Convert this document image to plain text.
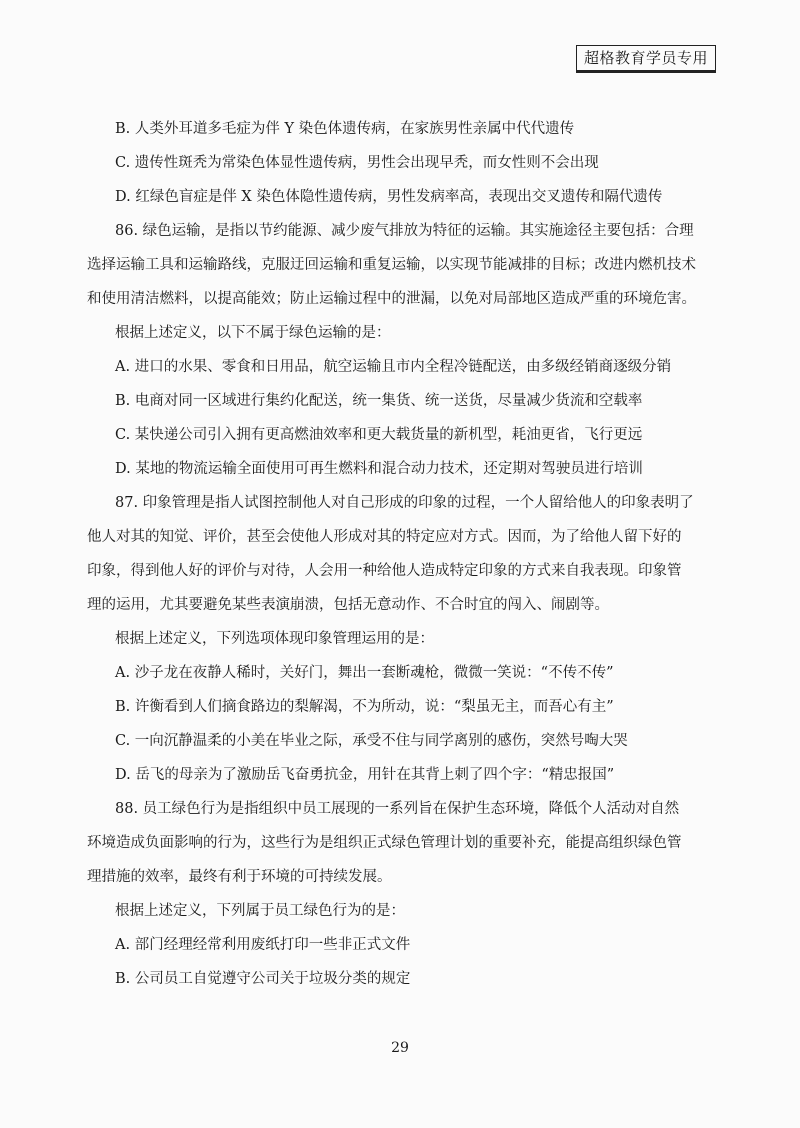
超格教育学员专用
B. 人类外耳道多毛症为伴 Y 染色体遗传病，在家族男性亲属中代代遗传
C. 遗传性斑秃为常染色体显性遗传病，男性会出现早秃，而女性则不会出现
D. 红绿色盲症是伴 X 染色体隐性遗传病，男性发病率高，表现出交叉遗传和隔代遗传
86. 绿色运输，是指以节约能源、减少废气排放为特征的运输。其实施途径主要包括：合理
选择运输工具和运输路线，克服迂回运输和重复运输，以实现节能减排的目标；改进内燃机技术
和使用清洁燃料，以提高能效；防止运输过程中的泄漏，以免对局部地区造成严重的环境危害。
根据上述定义，以下不属于绿色运输的是：
A. 进口的水果、零食和日用品，航空运输且市内全程冷链配送，由多级经销商逐级分销
B. 电商对同一区域进行集约化配送，统一集货、统一送货，尽量减少货流和空载率
C. 某快递公司引入拥有更高燃油效率和更大载货量的新机型，耗油更省，飞行更远
D. 某地的物流运输全面使用可再生燃料和混合动力技术，还定期对驾驶员进行培训
87. 印象管理是指人试图控制他人对自己形成的印象的过程，一个人留给他人的印象表明了
他人对其的知觉、评价，甚至会使他人形成对其的特定应对方式。因而，为了给他人留下好的
印象，得到他人好的评价与对待，人会用一种给他人造成特定印象的方式来自我表现。印象管
理的运用，尤其要避免某些表演崩溃，包括无意动作、不合时宜的闯入、闹剧等。
根据上述定义，下列选项体现印象管理运用的是：
A. 沙子龙在夜静人稀时，关好门，舞出一套断魂枪，微微一笑说：“不传不传”
B. 许衡看到人们摘食路边的梨解渴，不为所动，说：“梨虽无主，而吾心有主”
C. 一向沉静温柔的小美在毕业之际，承受不住与同学离别的感伤，突然号啕大哭
D. 岳飞的母亲为了激励岳飞奋勇抗金，用针在其背上刺了四个字：“精忠报国”
88. 员工绿色行为是指组织中员工展现的一系列旨在保护生态环境，降低个人活动对自然
环境造成负面影响的行为，这些行为是组织正式绿色管理计划的重要补充，能提高组织绿色管
理措施的效率，最终有利于环境的可持续发展。
根据上述定义，下列属于员工绿色行为的是：
A. 部门经理经常利用废纸打印一些非正式文件
B. 公司员工自觉遵守公司关于垃圾分类的规定
29
